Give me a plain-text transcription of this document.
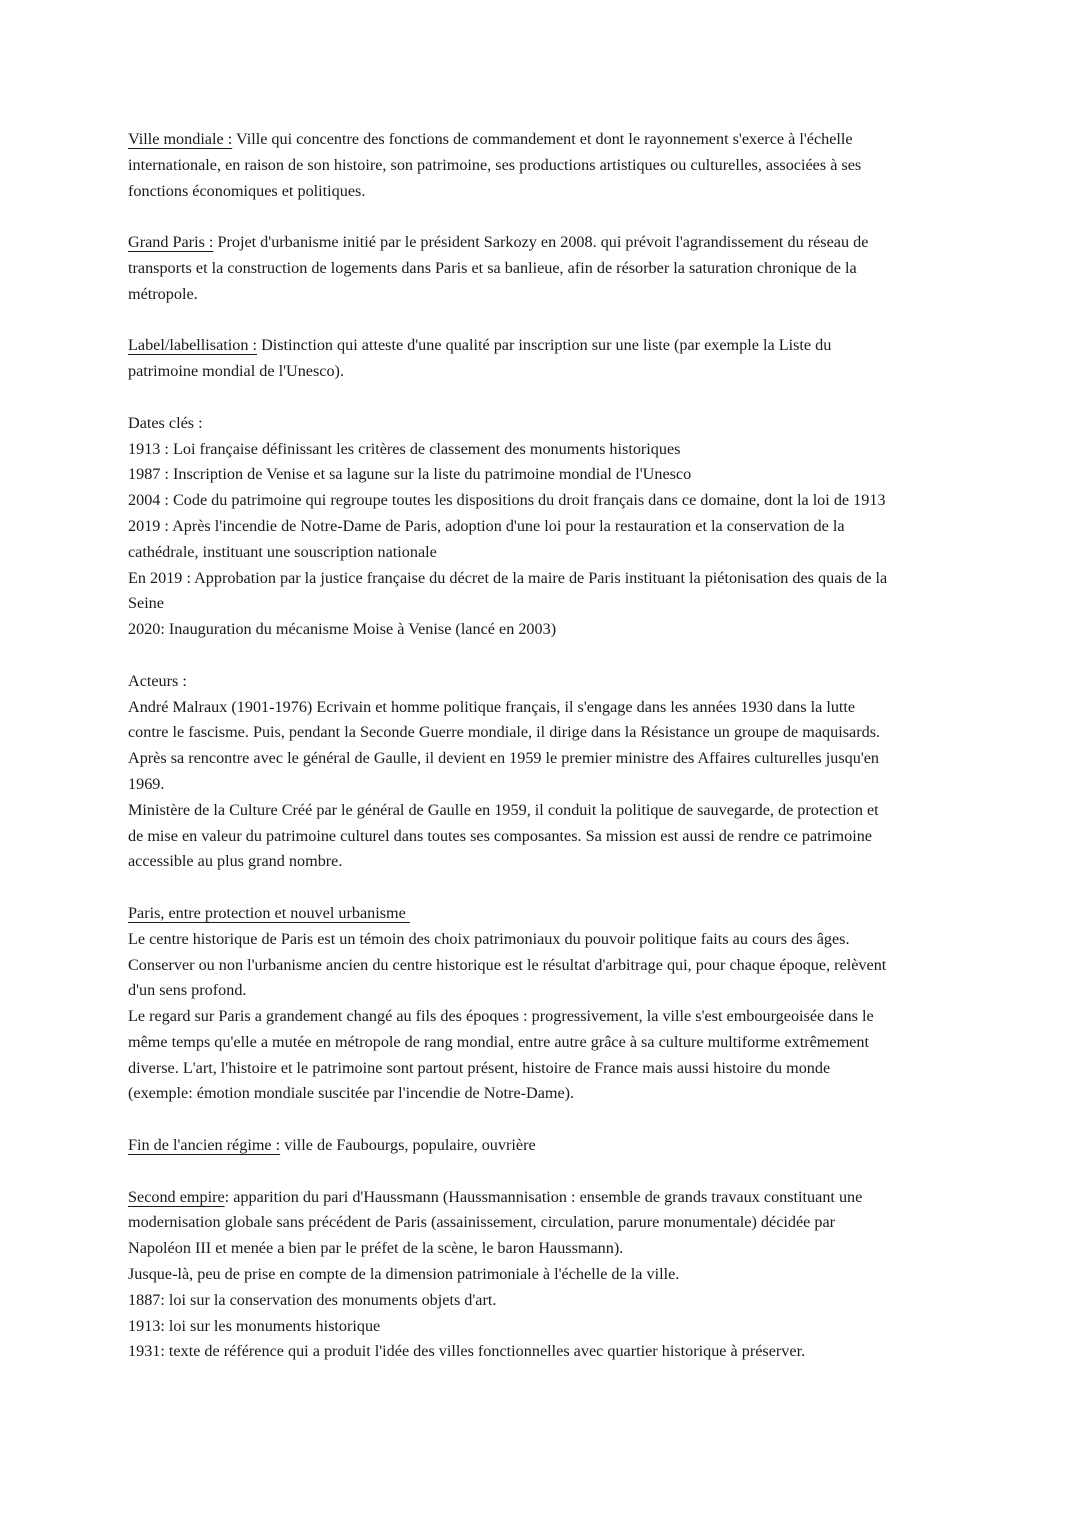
Ville mondiale : Ville qui concentre des fonctions de commandement et dont le rayonnement s'exerce à l'échelle
internationale, en raison de son histoire, son patrimoine, ses productions artistiques ou culturelles, associées à ses
fonctions économiques et politiques.
Grand Paris : Projet d'urbanisme initié par le président Sarkozy en 2008. qui prévoit l'agrandissement du réseau de
transports et la construction de logements dans Paris et sa banlieue, afin de résorber la saturation chronique de la
métropole.
Label/labellisation : Distinction qui atteste d'une qualité par inscription sur une liste (par exemple la Liste du
patrimoine mondial de l'Unesco).
Dates clés :
1913 : Loi française définissant les critères de classement des monuments historiques
1987 : Inscription de Venise et sa lagune sur la liste du patrimoine mondial de l'Unesco
2004 : Code du patrimoine qui regroupe toutes les dispositions du droit français dans ce domaine, dont la loi de 1913
2019 : Après l'incendie de Notre-Dame de Paris, adoption d'une loi pour la restauration et la conservation de la
cathédrale, instituant une souscription nationale
En 2019 : Approbation par la justice française du décret de la maire de Paris instituant la piétonisation des quais de la
Seine
2020: Inauguration du mécanisme Moise à Venise (lancé en 2003)
Acteurs :
André Malraux (1901-1976) Ecrivain et homme politique français, il s'engage dans les années 1930 dans la lutte
contre le fascisme. Puis, pendant la Seconde Guerre mondiale, il dirige dans la Résistance un groupe de maquisards.
Après sa rencontre avec le général de Gaulle, il devient en 1959 le premier ministre des Affaires culturelles jusqu'en
1969.
Ministère de la Culture Créé par le général de Gaulle en 1959, il conduit la politique de sauvegarde, de protection et
de mise en valeur du patrimoine culturel dans toutes ses composantes. Sa mission est aussi de rendre ce patrimoine
accessible au plus grand nombre.
Paris, entre protection et nouvel urbanisme
Le centre historique de Paris est un témoin des choix patrimoniaux du pouvoir politique faits au cours des âges.
Conserver ou non l'urbanisme ancien du centre historique est le résultat d'arbitrage qui, pour chaque époque, relèvent
d'un sens profond.
Le regard sur Paris a grandement changé au fils des époques : progressivement, la ville s'est embourgeoisée dans le
même temps qu'elle a mutée en métropole de rang mondial, entre autre grâce à sa culture multiforme extrêmement
diverse. L'art, l'histoire et le patrimoine sont partout présent, histoire de France mais aussi histoire du monde
(exemple: émotion mondiale suscitée par l'incendie de Notre-Dame).
Fin de l'ancien régime : ville de Faubourgs, populaire, ouvrière
Second empire: apparition du pari d'Haussmann (Haussmannisation : ensemble de grands travaux constituant une
modernisation globale sans précédent de Paris (assainissement, circulation, parure monumentale) décidée par
Napoléon III et menée a bien par le préfet de la scène, le baron Haussmann).
Jusque-là, peu de prise en compte de la dimension patrimoniale à l'échelle de la ville.
1887: loi sur la conservation des monuments objets d'art.
1913: loi sur les monuments historique
1931: texte de référence qui a produit l'idée des villes fonctionnelles avec quartier historique à préserver.
